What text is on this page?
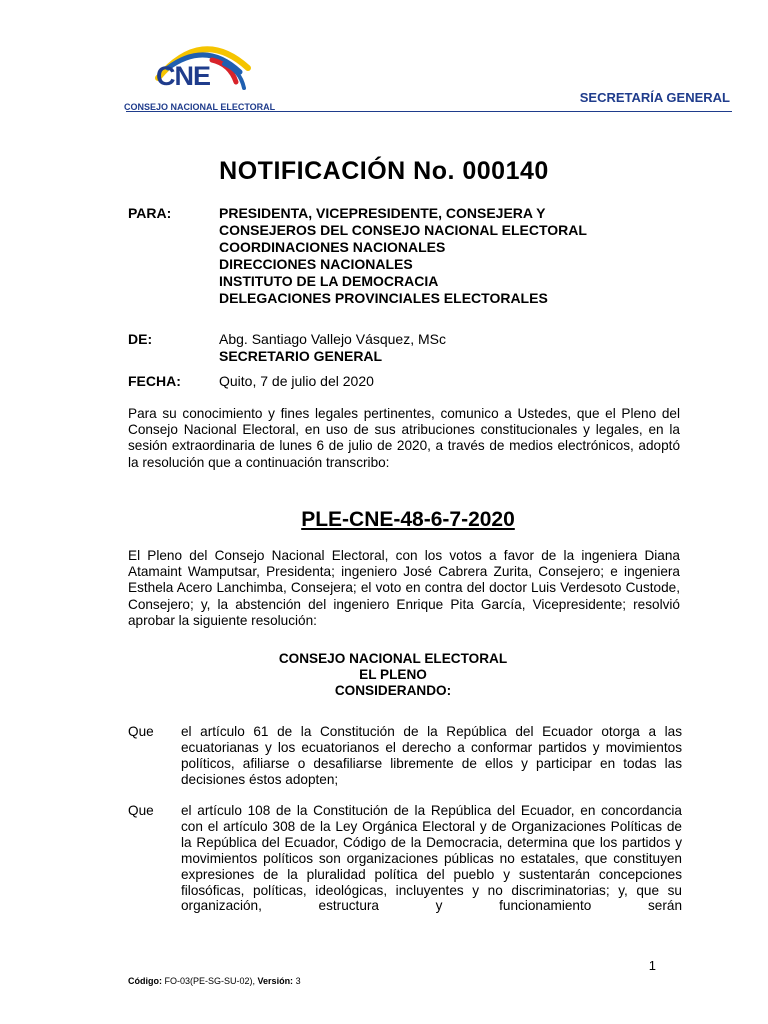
CNE
CONSEJO NACIONAL ELECTORAL
SECRETARÍA GENERAL
NOTIFICACIÓN No. 000140
PARA:	PRESIDENTA, VICEPRESIDENTE, CONSEJERA Y
CONSEJEROS DEL CONSEJO NACIONAL ELECTORAL
COORDINACIONES NACIONALES
DIRECCIONES NACIONALES
INSTITUTO DE LA DEMOCRACIA
DELEGACIONES PROVINCIALES ELECTORALES
DE:	Abg. Santiago Vallejo Vásquez, MSc
SECRETARIO GENERAL
FECHA:	Quito, 7 de julio del 2020
Para su conocimiento y fines legales pertinentes, comunico a Ustedes, que el Pleno del Consejo Nacional Electoral, en uso de sus atribuciones constitucionales y legales, en la sesión extraordinaria de lunes 6 de julio de 2020, a través de medios electrónicos, adoptó la resolución que a continuación transcribo:
PLE-CNE-48-6-7-2020
El Pleno del Consejo Nacional Electoral, con los votos a favor de la ingeniera Diana Atamaint Wamputsar, Presidenta; ingeniero José Cabrera Zurita, Consejero; e ingeniera Esthela Acero Lanchimba, Consejera; el voto en contra del doctor Luis Verdesoto Custode, Consejero; y, la abstención del ingeniero Enrique Pita García, Vicepresidente; resolvió aprobar la siguiente resolución:
CONSEJO NACIONAL ELECTORAL
EL PLENO
CONSIDERANDO:
Que el artículo 61 de la Constitución de la República del Ecuador otorga a las ecuatorianas y los ecuatorianos el derecho a conformar partidos y movimientos políticos, afiliarse o desafiliarse libremente de ellos y participar en todas las decisiones éstos adopten;
Que el artículo 108 de la Constitución de la República del Ecuador, en concordancia con el artículo 308 de la Ley Orgánica Electoral y de Organizaciones Políticas de la República del Ecuador, Código de la Democracia, determina que los partidos y movimientos políticos son organizaciones públicas no estatales, que constituyen expresiones de la pluralidad política del pueblo y sustentarán concepciones filosóficas, políticas, ideológicas, incluyentes y no discriminatorias; y, que su organización, estructura y funcionamiento serán
1
Código: FO-03(PE-SG-SU-02), Versión: 3
